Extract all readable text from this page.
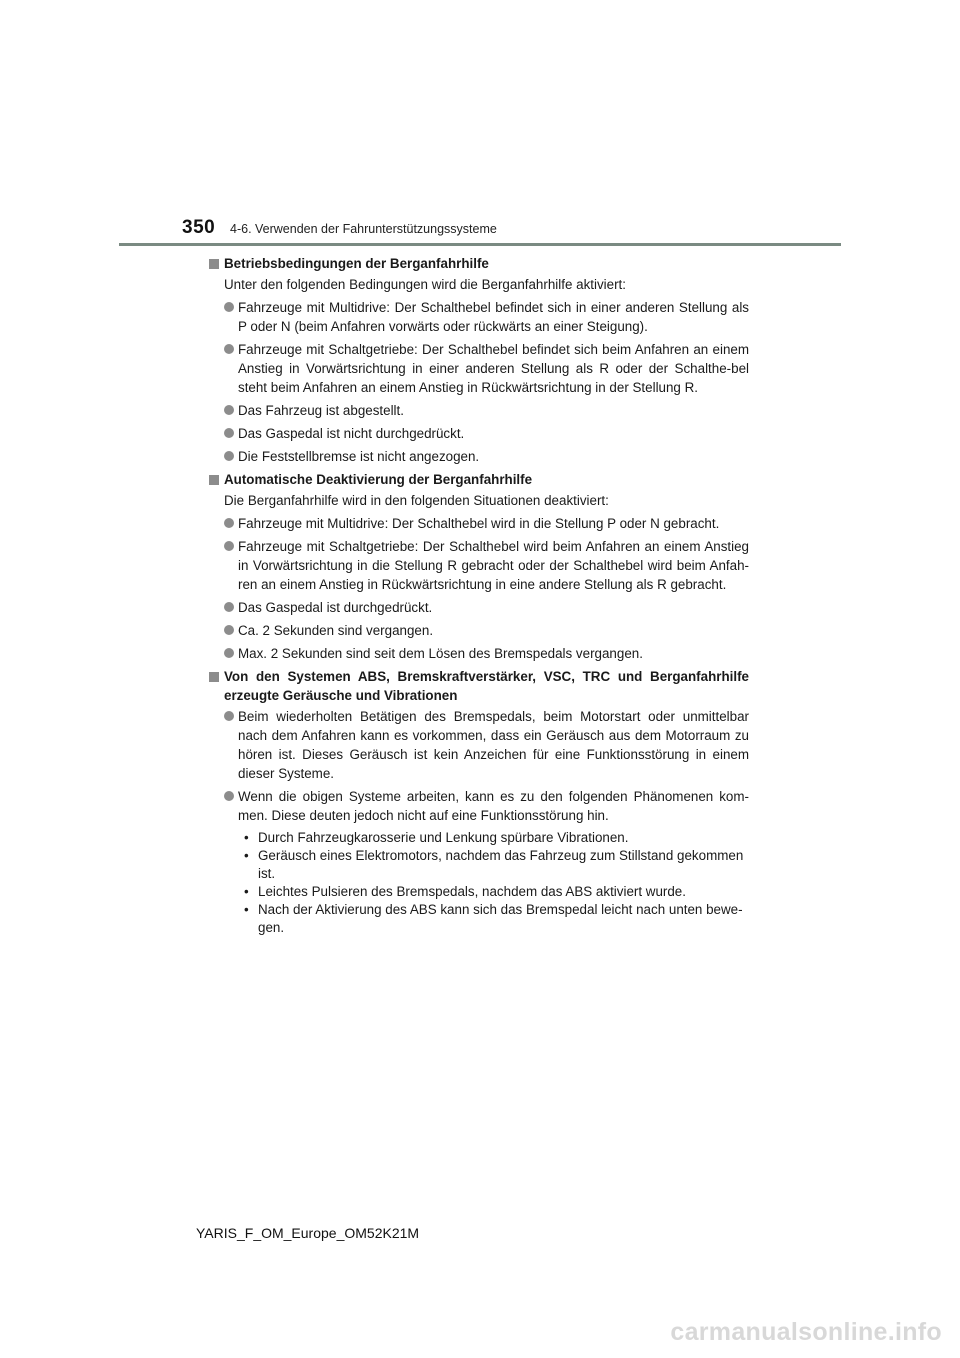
350 4-6. Verwenden der Fahrunterstützungssysteme
Betriebsbedingungen der Berganfahrhilfe
Unter den folgenden Bedingungen wird die Berganfahrhilfe aktiviert:
Fahrzeuge mit Multidrive: Der Schalthebel befindet sich in einer anderen Stellung als P oder N (beim Anfahren vorwärts oder rückwärts an einer Steigung).
Fahrzeuge mit Schaltgetriebe: Der Schalthebel befindet sich beim Anfahren an einem Anstieg in Vorwärtsrichtung in einer anderen Stellung als R oder der Schalthe-bel steht beim Anfahren an einem Anstieg in Rückwärtsrichtung in der Stellung R.
Das Fahrzeug ist abgestellt.
Das Gaspedal ist nicht durchgedrückt.
Die Feststellbremse ist nicht angezogen.
Automatische Deaktivierung der Berganfahrhilfe
Die Berganfahrhilfe wird in den folgenden Situationen deaktiviert:
Fahrzeuge mit Multidrive: Der Schalthebel wird in die Stellung P oder N gebracht.
Fahrzeuge mit Schaltgetriebe: Der Schalthebel wird beim Anfahren an einem Anstieg in Vorwärtsrichtung in die Stellung R gebracht oder der Schalthebel wird beim Anfah-ren an einem Anstieg in Rückwärtsrichtung in eine andere Stellung als R gebracht.
Das Gaspedal ist durchgedrückt.
Ca. 2 Sekunden sind vergangen.
Max. 2 Sekunden sind seit dem Lösen des Bremspedals vergangen.
Von den Systemen ABS, Bremskraftverstärker, VSC, TRC und Berganfahrhilfe erzeugte Geräusche und Vibrationen
Beim wiederholten Betätigen des Bremspedals, beim Motorstart oder unmittelbar nach dem Anfahren kann es vorkommen, dass ein Geräusch aus dem Motorraum zu hören ist. Dieses Geräusch ist kein Anzeichen für eine Funktionsstörung in einem dieser Systeme.
Wenn die obigen Systeme arbeiten, kann es zu den folgenden Phänomenen kom-men. Diese deuten jedoch nicht auf eine Funktionsstörung hin.
• Durch Fahrzeugkarosserie und Lenkung spürbare Vibrationen.
• Geräusch eines Elektromotors, nachdem das Fahrzeug zum Stillstand gekommen ist.
• Leichtes Pulsieren des Bremspedals, nachdem das ABS aktiviert wurde.
• Nach der Aktivierung des ABS kann sich das Bremspedal leicht nach unten bewe-gen.
YARIS_F_OM_Europe_OM52K21M
carmanualsonline.info
